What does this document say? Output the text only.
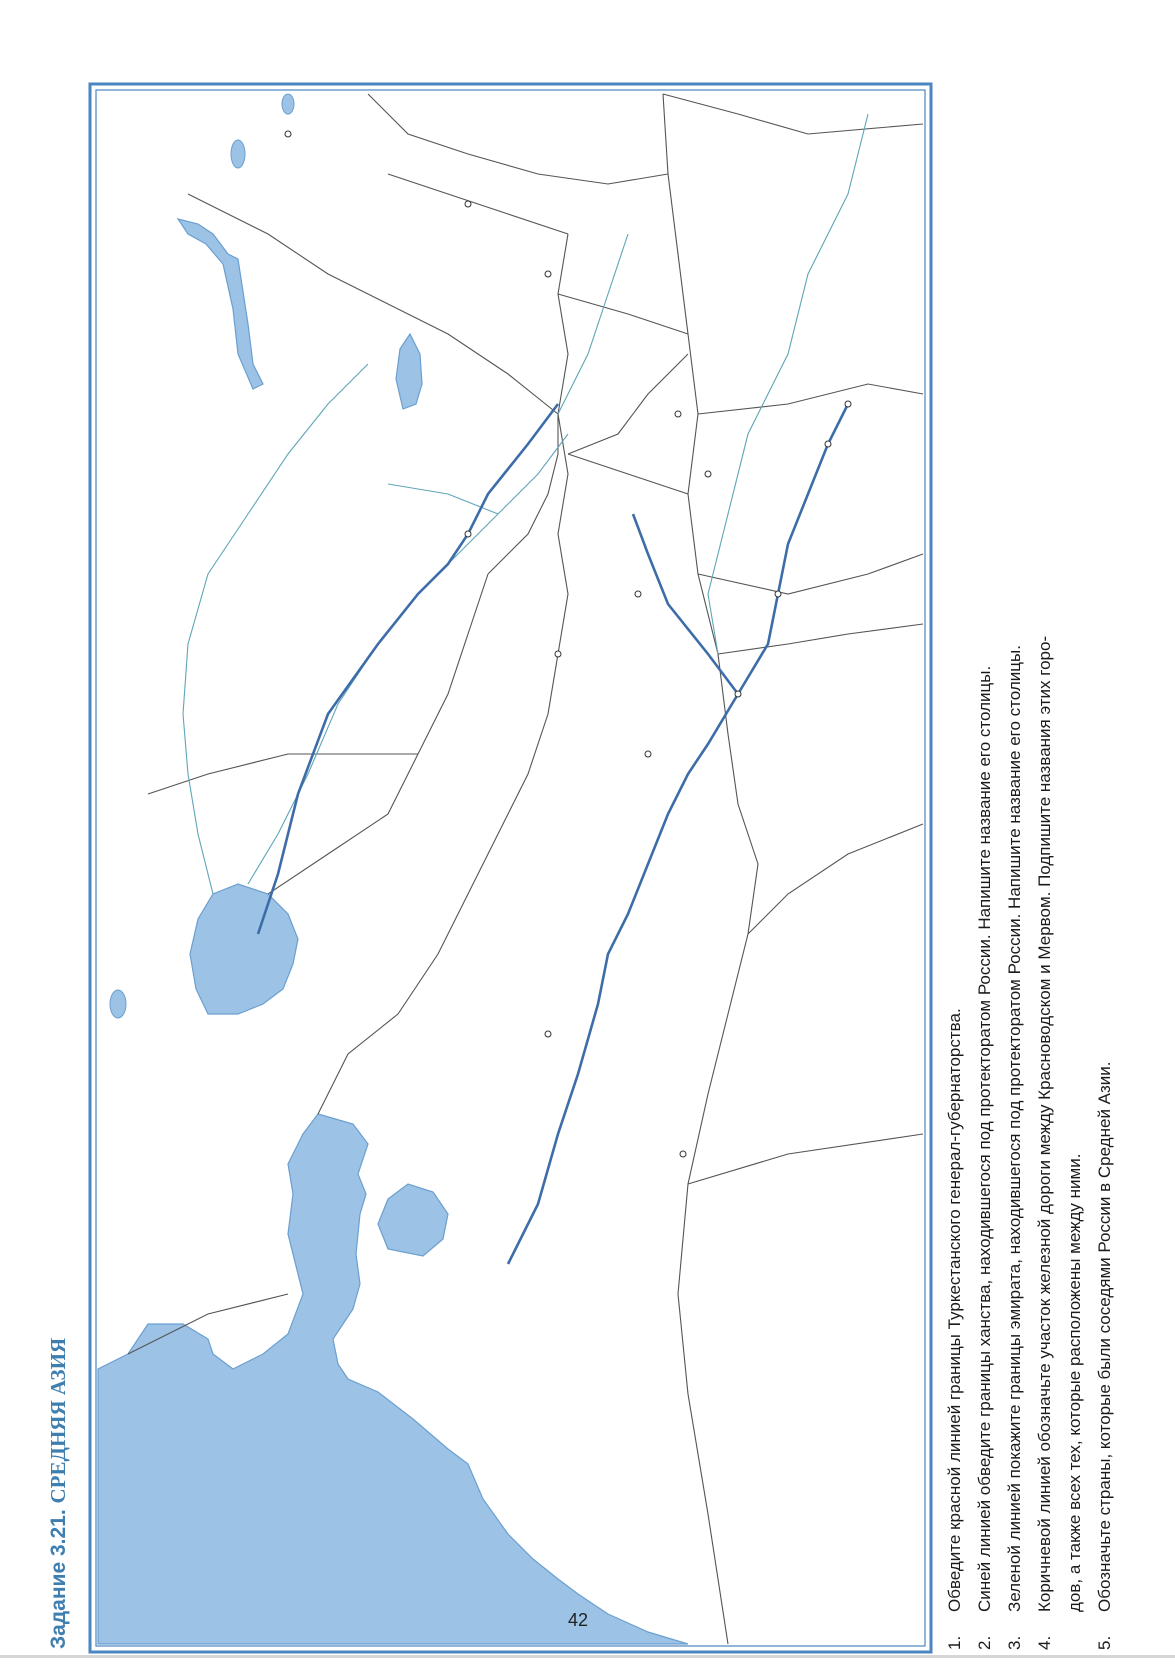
Задание 3.21. СРЕДНЯЯ АЗИЯ
1.
Обведите красной линией границы Туркестанского генерал-губернаторства.
2.
Синей линией обведите границы ханства, находившегося под протекторатом России. Напишите название его столицы.
3.
Зеленой линией покажите границы эмирата, находившегося под протекторатом России. Напишите название его столицы.
4.
Коричневой линией обозначьте участок железной дороги между Красноводском и Мервом. Подпишите названия этих горо- дов, а также всех тех, которые расположены между ними.
5.
Обозначьте страны, которые были соседями России в Средней Азии.
42
